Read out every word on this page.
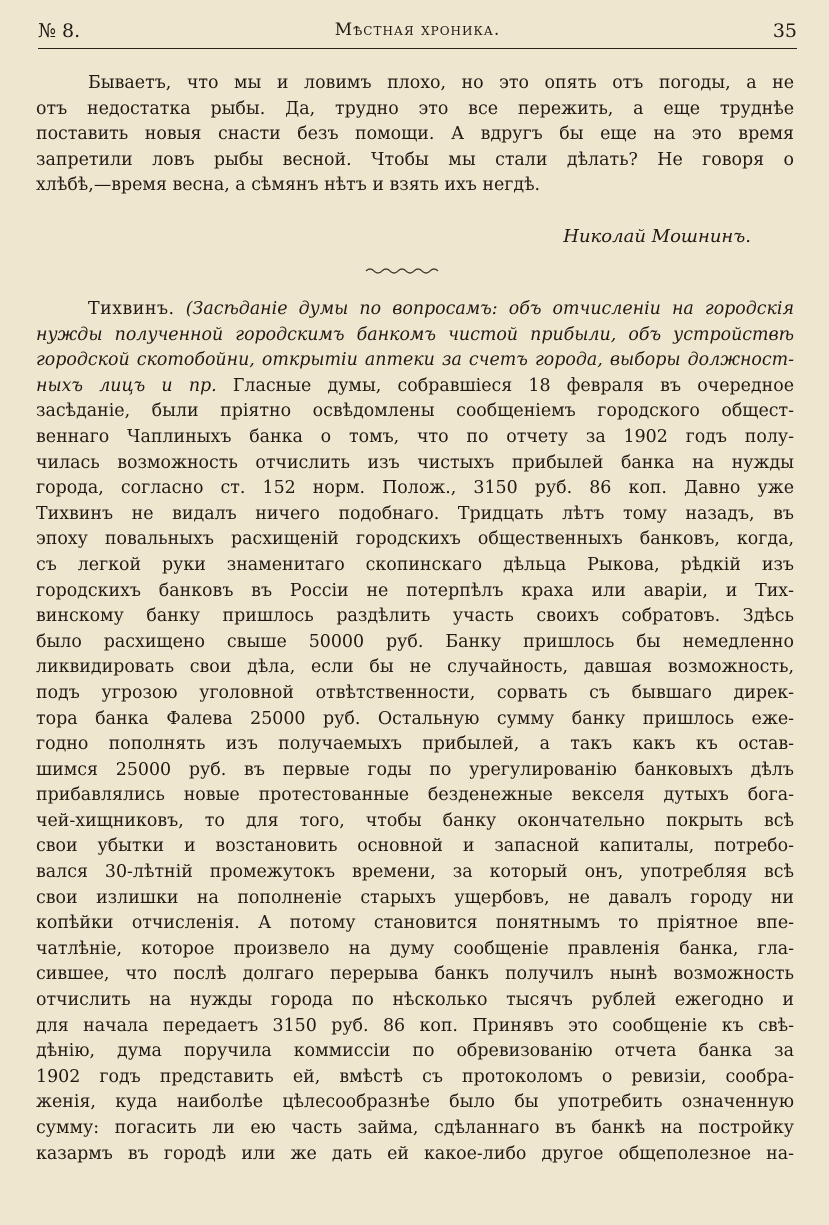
№ 8.	Мѣстная хроника.	35
Бываетъ, что мы и ловимъ плохо, но это опять отъ погоды, а не
отъ недостатка рыбы. Да, трудно это все пережить, а еще труднѣе
поставить новыя снасти безъ помощи. А вдругъ бы еще на это время
запретили ловъ рыбы весной. Чтобы мы стали дѣлать? Не говоря о
хлѣбѣ,—время весна, а сѣмянъ нѣтъ и взять ихъ негдѣ.
Николай Мошнинъ.
Тихвинъ. (Засѣданіе думы по вопросамъ: объ отчисленіи на городскія
нужды полученной городскимъ банкомъ чистой прибыли, объ устройствѣ
городской скотобойни, открытіи аптеки за счетъ города, выборы должност-
ныхъ лицъ и пр. Гласные думы, собравшіеся 18 февраля въ очередное
засѣданіе, были пріятно освѣдомлены сообщеніемъ городского общест-
веннаго Чаплиныхъ банка о томъ, что по отчету за 1902 годъ полу-
чилась возможность отчислить изъ чистыхъ прибылей банка на нужды
города, согласно ст. 152 норм. Полож., 3150 руб. 86 коп. Давно уже
Тихвинъ не видалъ ничего подобнаго. Тридцать лѣтъ тому назадъ, въ
эпоху повальныхъ расхищеній городскихъ общественныхъ банковъ, когда,
съ легкой руки знаменитаго скопинскаго дѣльца Рыкова, рѣдкій изъ
городскихъ банковъ въ Россіи не потерпѣлъ краха или аваріи, и Тих-
винскому банку пришлось раздѣлить участь своихъ собратовъ. Здѣсь
было расхищено свыше 50000 руб. Банку пришлось бы немедленно
ликвидировать свои дѣла, если бы не случайность, давшая возможность,
подъ угрозою уголовной отвѣтственности, сорвать съ бывшаго дирек-
тора банка Фалева 25000 руб. Остальную сумму банку пришлось еже-
годно пополнять изъ получаемыхъ прибылей, а такъ какъ къ остав-
шимся 25000 руб. въ первые годы по урегулированію банковыхъ дѣлъ
прибавлялись новые протестованные безденежные векселя дутыхъ бога-
чей-хищниковъ, то для того, чтобы банку окончательно покрыть всѣ
свои убытки и возстановить основной и запасной капиталы, потребо-
вался 30-лѣтній промежутокъ времени, за который онъ, употребляя всѣ
свои излишки на пополненіе старыхъ ущербовъ, не давалъ городу ни
копѣйки отчисленія. А потому становится понятнымъ то пріятное впе-
чатлѣніе, которое произвело на думу сообщеніе правленія банка, гла-
сившее, что послѣ долгаго перерыва банкъ получилъ нынѣ возможность
отчислить на нужды города по нѣсколько тысячъ рублей ежегодно и
для начала передаетъ 3150 руб. 86 коп. Принявъ это сообщеніе къ свѣ-
дѣнію, дума поручила коммиссіи по обревизованію отчета банка за
1902 годъ представить ей, вмѣстѣ съ протоколомъ о ревизіи, сообра-
женія, куда наиболѣе цѣлесообразнѣе было бы употребить означенную
сумму: погасить ли ею часть займа, сдѣланнаго въ банкѣ на постройку
казармъ въ городѣ или же дать ей какое-либо другое общеполезное на-
